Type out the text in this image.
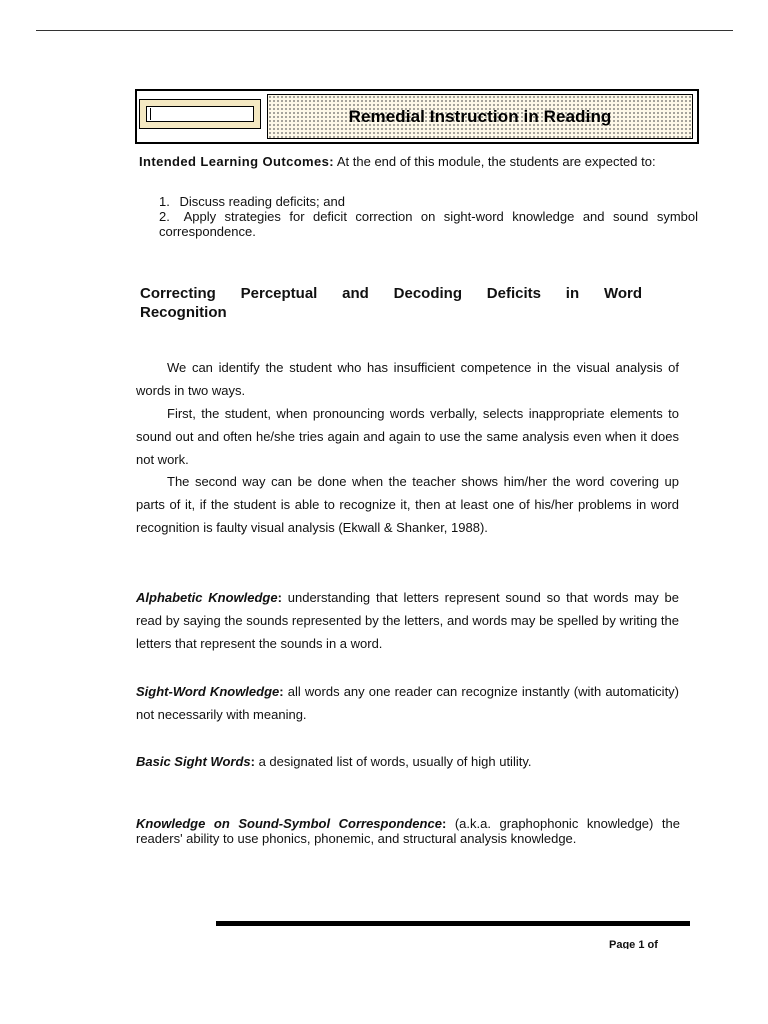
Remedial Instruction in Reading
Intended Learning Outcomes: At the end of this module, the students are expected to:
1. Discuss reading deficits; and
2. Apply strategies for deficit correction on sight-word knowledge and sound symbol correspondence.
Correcting Perceptual and Decoding Deficits in Word Recognition
We can identify the student who has insufficient competence in the visual analysis of words in two ways.
First, the student, when pronouncing words verbally, selects inappropriate elements to sound out and often he/she tries again and again to use the same analysis even when it does not work.
The second way can be done when the teacher shows him/her the word covering up parts of it, if the student is able to recognize it, then at least one of his/her problems in word recognition is faulty visual analysis (Ekwall & Shanker, 1988).
Alphabetic Knowledge: understanding that letters represent sound so that words may be read by saying the sounds represented by the letters, and words may be spelled by writing the letters that represent the sounds in a word.
Sight-Word Knowledge: all words any one reader can recognize instantly (with automaticity) not necessarily with meaning.
Basic Sight Words: a designated list of words, usually of high utility.
Knowledge on Sound-Symbol Correspondence: (a.k.a. graphophonic knowledge) the readers' ability to use phonics, phonemic, and structural analysis knowledge.
Page 1 of
